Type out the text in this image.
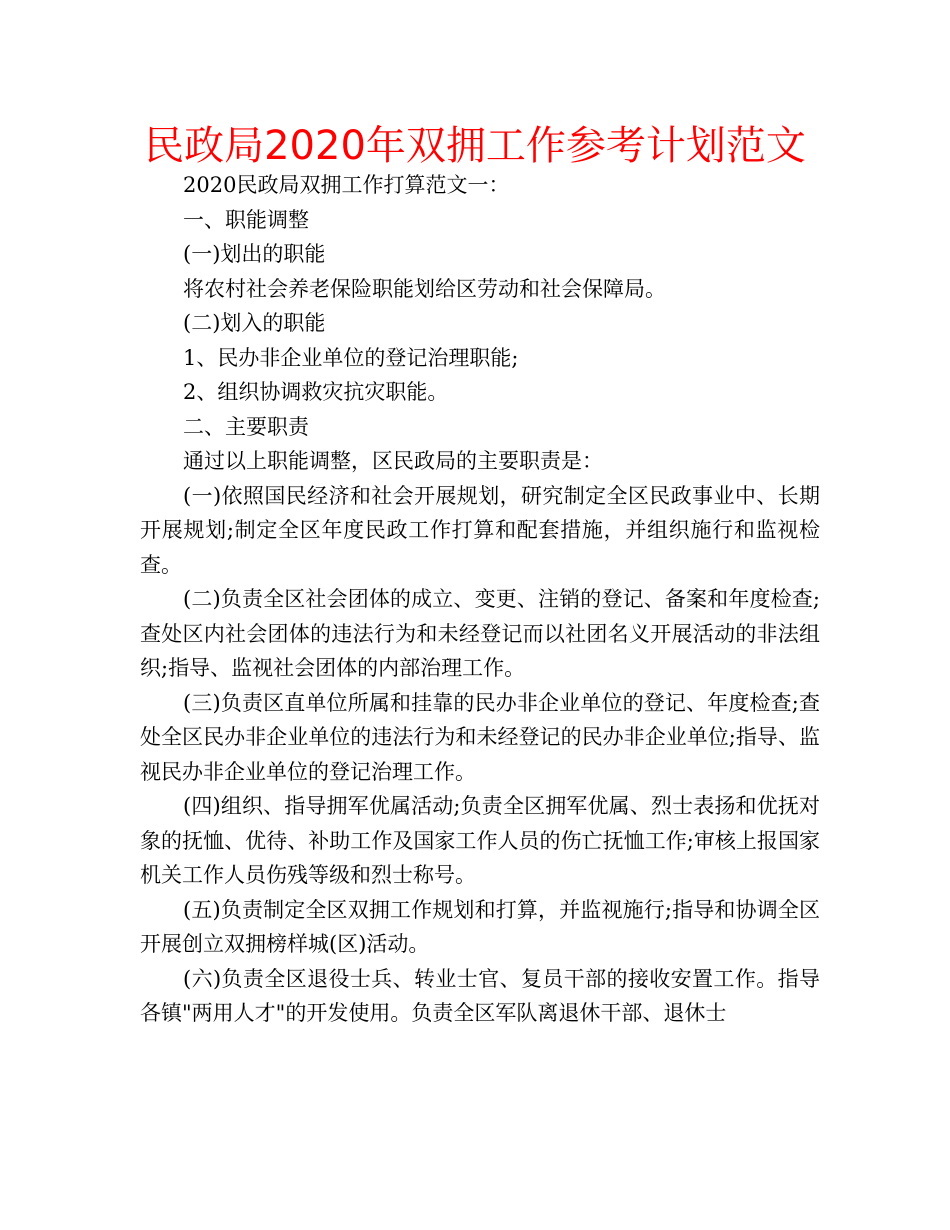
民政局2020年双拥工作参考计划范文

2020民政局双拥工作打算范文一：

一、职能调整

(一)划出的职能

将农村社会养老保险职能划给区劳动和社会保障局。

(二)划入的职能

1、民办非企业单位的登记治理职能;

2、组织协调救灾抗灾职能。

二、主要职责

通过以上职能调整，区民政局的主要职责是：

(一)依照国民经济和社会开展规划，研究制定全区民政事业中、长期开展规划;制定全区年度民政工作打算和配套措施，并组织施行和监视检查。

(二)负责全区社会团体的成立、变更、注销的登记、备案和年度检查;查处区内社会团体的违法行为和未经登记而以社团名义开展活动的非法组织;指导、监视社会团体的内部治理工作。

(三)负责区直单位所属和挂靠的民办非企业单位的登记、年度检查;查处全区民办非企业单位的违法行为和未经登记的民办非企业单位;指导、监视民办非企业单位的登记治理工作。

(四)组织、指导拥军优属活动;负责全区拥军优属、烈士表扬和优抚对象的抚恤、优待、补助工作及国家工作人员的伤亡抚恤工作;审核上报国家机关工作人员伤残等级和烈士称号。

(五)负责制定全区双拥工作规划和打算，并监视施行;指导和协调全区开展创立双拥榜样城(区)活动。

(六)负责全区退役士兵、转业士官、复员干部的接收安置工作。指导各镇"两用人才"的开发使用。负责全区军队离退休干部、退休士
